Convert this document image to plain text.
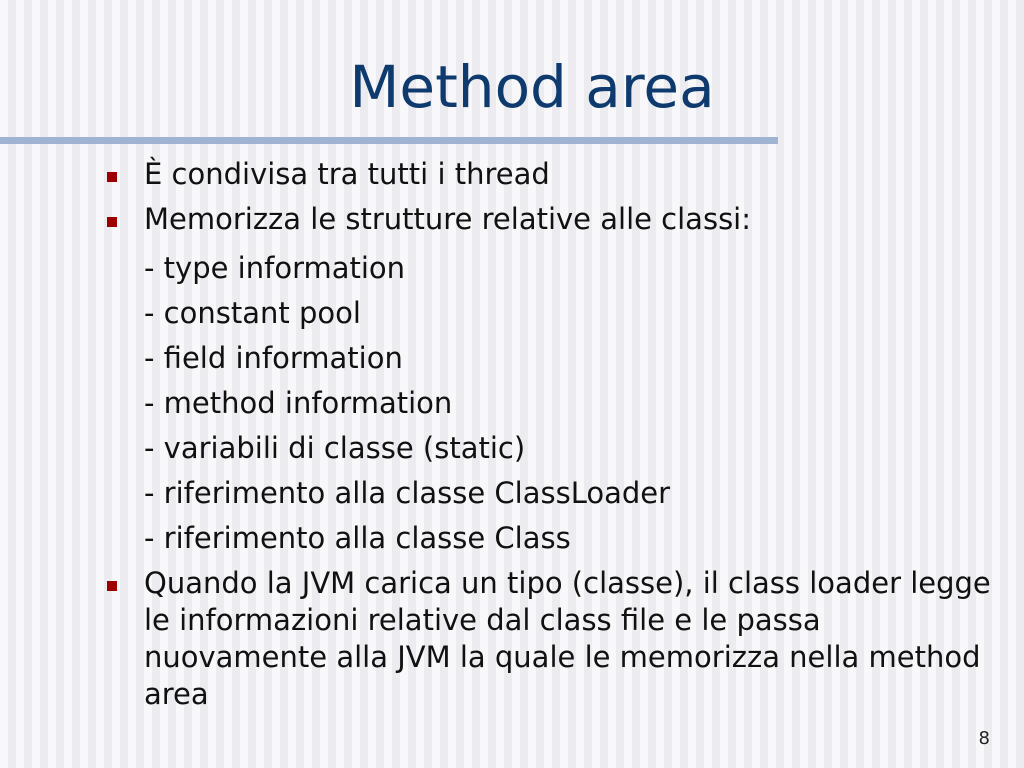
Method area
È condivisa tra tutti i thread
Memorizza le strutture relative alle classi:
- type information
- constant pool
- field information
- method information
- variabili di classe (static)
- riferimento alla classe ClassLoader
- riferimento alla classe Class
Quando la JVM carica un tipo (classe), il class loader legge le informazioni relative dal class file e le passa nuovamente alla JVM la quale le memorizza nella method area
8
